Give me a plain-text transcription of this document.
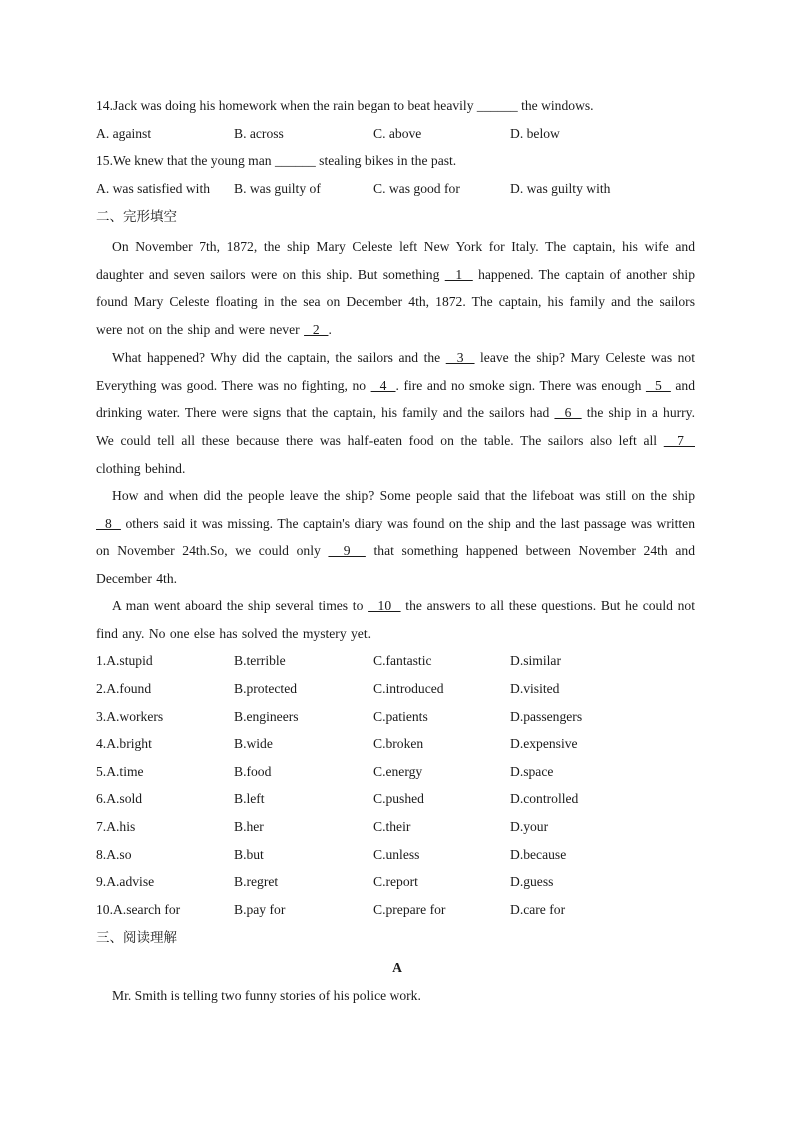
14.Jack was doing his homework when the rain began to beat heavily ______ the windows.
A. against	B. across	C. above	D. below
15.We knew that the young man ______ stealing bikes in the past.
A. was satisfied with B. was guilty of	C. was good for	D. was guilty with
二、完形填空
On November 7th, 1872, the ship Mary Celeste left New York for Italy. The captain, his wife and daughter and seven sailors were on this ship. But something   1   happened. The captain of another ship found Mary Celeste floating in the sea on December 4th, 1872. The captain, his family and the sailors were not on the ship and were never   2  .
What happened? Why did the captain, the sailors and the   3   leave the ship? Mary Celeste was not Everything was good. There was no fighting, no   4  . fire and no smoke sign. There was enough   5   and drinking water. There were signs that the captain, his family and the sailors had   6   the ship in a hurry. We could tell all these because there was half-eaten food on the table. The sailors also left all   7   clothing behind.
How and when did the people leave the ship? Some people said that the lifeboat was still on the ship   8   others said it was missing. The captain's diary was found on the ship and the last passage was written on November 24th.So, we could only   9   that something happened between November 24th and December 4th.
A man went aboard the ship several times to   10   the answers to all these questions. But he could not find any. No one else has solved the mystery yet.
1.A.stupid	B.terrible	C.fantastic	D.similar
2.A.found	B.protected	C.introduced	D.visited
3.A.workers	B.engineers	C.patients	D.passengers
4.A.bright	B.wide	C.broken	D.expensive
5.A.time	B.food	C.energy	D.space
6.A.sold	B.left	C.pushed	D.controlled
7.A.his	B.her	C.their	D.your
8.A.so	B.but	C.unless	D.because
9.A.advise	B.regret	C.report	D.guess
10.A.search for	B.pay for	C.prepare for	D.care for
三、阅读理解
A
Mr. Smith is telling two funny stories of his police work.
